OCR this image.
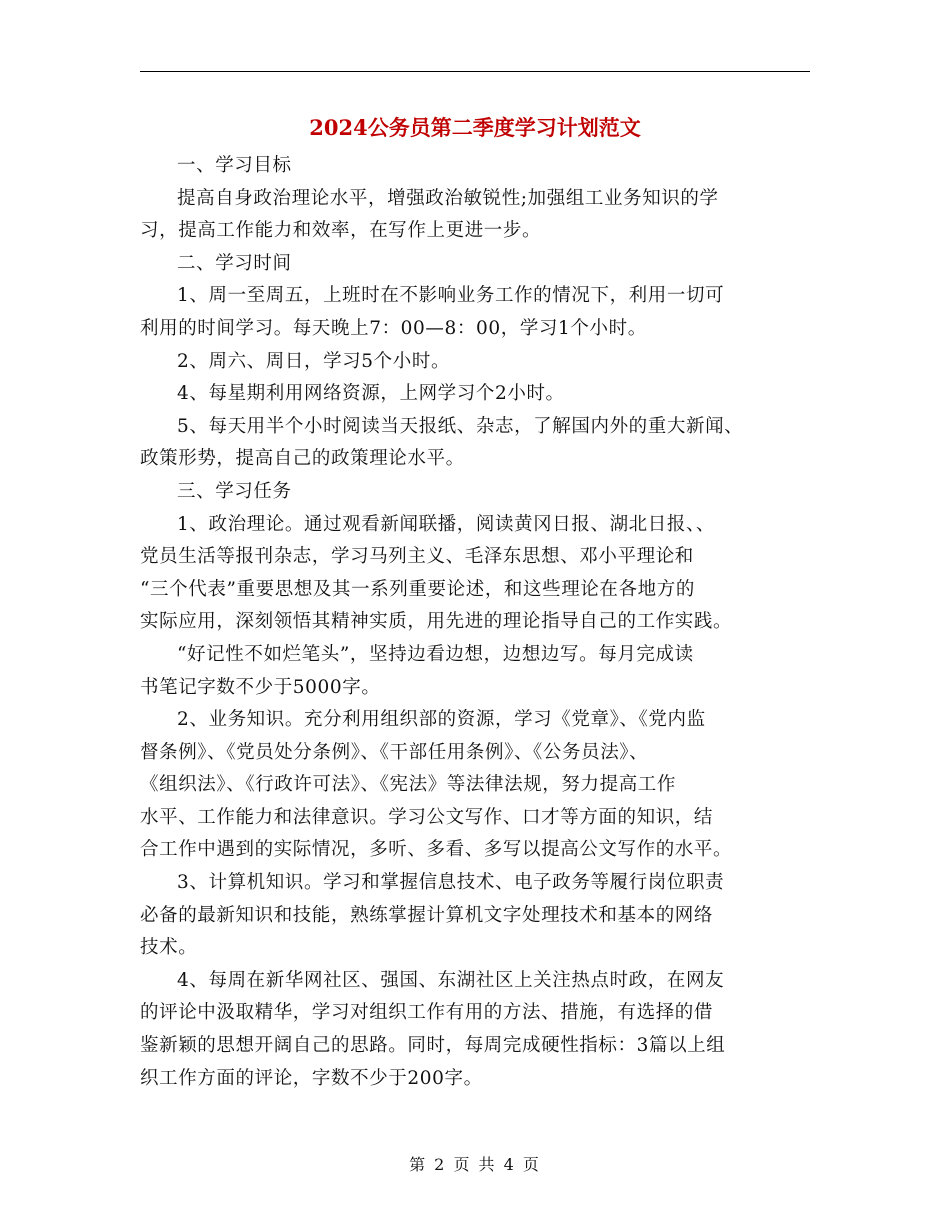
2024公务员第二季度学习计划范文

一、学习目标

提高自身政治理论水平，增强政治敏锐性;加强组工业务知识的学
习，提高工作能力和效率，在写作上更进一步。

二、学习时间

1、周一至周五，上班时在不影响业务工作的情况下，利用一切可
利用的时间学习。每天晚上7：00—8：00，学习1个小时。

2、周六、周日，学习5个小时。

4、每星期利用网络资源，上网学习个2小时。

5、每天用半个小时阅读当天报纸、杂志，了解国内外的重大新闻、
政策形势，提高自己的政策理论水平。

三、学习任务

1、政治理论。通过观看新闻联播，阅读黄冈日报、湖北日报、、
党员生活等报刊杂志，学习马列主义、毛泽东思想、邓小平理论和
“三个代表”重要思想及其一系列重要论述，和这些理论在各地方的
实际应用，深刻领悟其精神实质，用先进的理论指导自己的工作实践。

“好记性不如烂笔头”，坚持边看边想，边想边写。每月完成读
书笔记字数不少于5000字。

2、业务知识。充分利用组织部的资源，学习《党章》、《党内监
督条例》、《党员处分条例》、《干部任用条例》、《公务员法》、
《组织法》、《行政许可法》、《宪法》等法律法规，努力提高工作
水平、工作能力和法律意识。学习公文写作、口才等方面的知识，结
合工作中遇到的实际情况，多听、多看、多写以提高公文写作的水平。

3、计算机知识。学习和掌握信息技术、电子政务等履行岗位职责
必备的最新知识和技能，熟练掌握计算机文字处理技术和基本的网络
技术。

4、每周在新华网社区、强国、东湖社区上关注热点时政，在网友
的评论中汲取精华，学习对组织工作有用的方法、措施，有选择的借
鉴新颖的思想开阔自己的思路。同时，每周完成硬性指标：3篇以上组
织工作方面的评论，字数不少于200字。

第 2 页 共 4 页
